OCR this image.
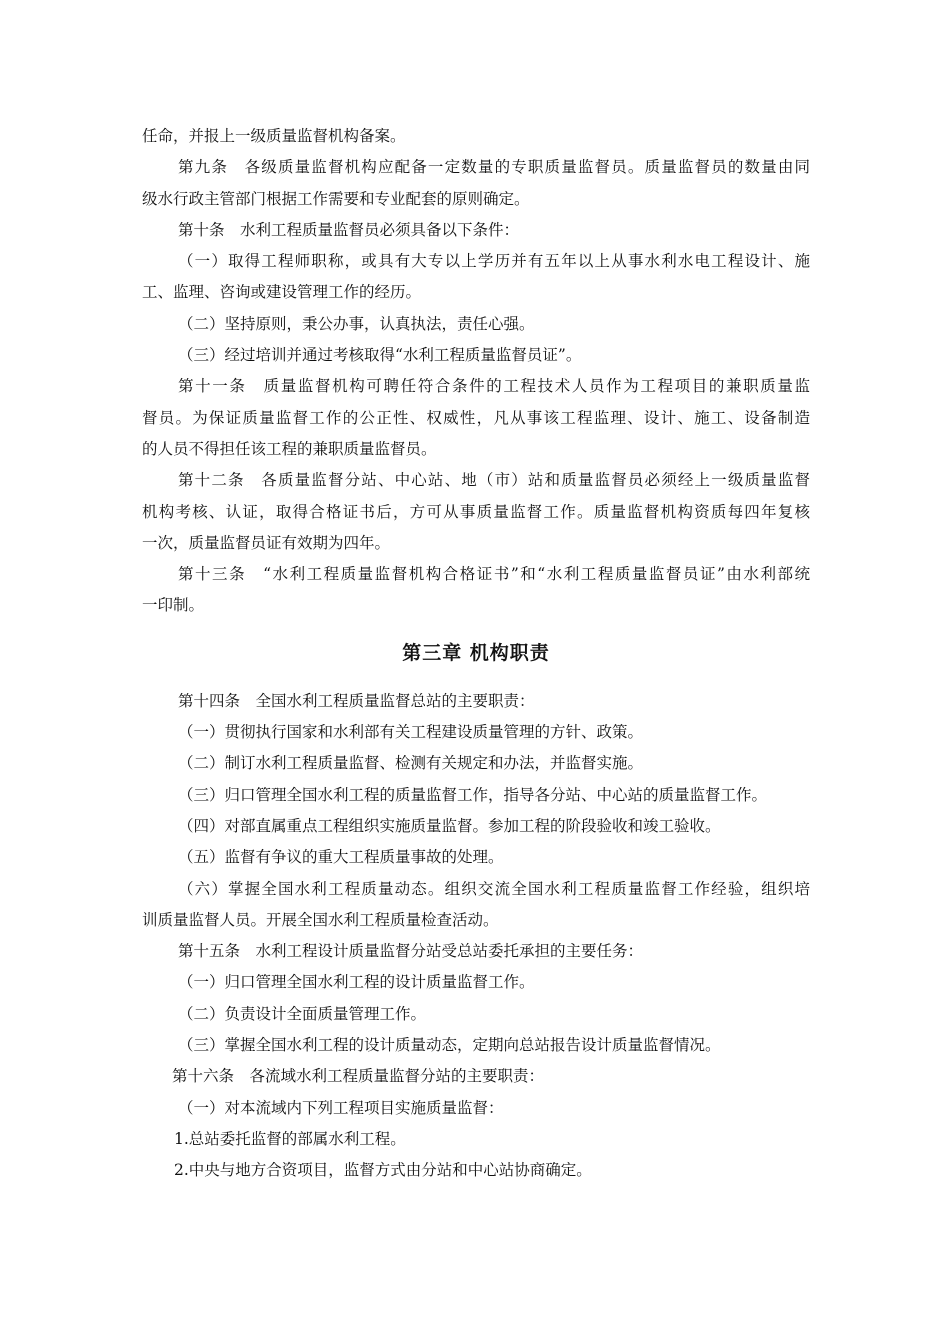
任命，并报上一级质量监督机构备案。
第九条　各级质量监督机构应配备一定数量的专职质量监督员。质量监督员的数量由同
级水行政主管部门根据工作需要和专业配套的原则确定。
第十条　水利工程质量监督员必须具备以下条件：
（一）取得工程师职称，或具有大专以上学历并有五年以上从事水利水电工程设计、施
工、监理、咨询或建设管理工作的经历。
（二）坚持原则，秉公办事，认真执法，责任心强。
（三）经过培训并通过考核取得“水利工程质量监督员证”。
第十一条　质量监督机构可聘任符合条件的工程技术人员作为工程项目的兼职质量监
督员。为保证质量监督工作的公正性、权威性，凡从事该工程监理、设计、施工、设备制造
的人员不得担任该工程的兼职质量监督员。
第十二条　各质量监督分站、中心站、地（市）站和质量监督员必须经上一级质量监督
机构考核、认证，取得合格证书后，方可从事质量监督工作。质量监督机构资质每四年复核
一次，质量监督员证有效期为四年。
第十三条　“水利工程质量监督机构合格证书”和“水利工程质量监督员证”由水利部统
一印制。
第三章 机构职责
第十四条　全国水利工程质量监督总站的主要职责：
（一）贯彻执行国家和水利部有关工程建设质量管理的方针、政策。
（二）制订水利工程质量监督、检测有关规定和办法，并监督实施。
（三）归口管理全国水利工程的质量监督工作，指导各分站、中心站的质量监督工作。
（四）对部直属重点工程组织实施质量监督。参加工程的阶段验收和竣工验收。
（五）监督有争议的重大工程质量事故的处理。
（六）掌握全国水利工程质量动态。组织交流全国水利工程质量监督工作经验，组织培
训质量监督人员。开展全国水利工程质量检查活动。
第十五条　水利工程设计质量监督分站受总站委托承担的主要任务：
（一）归口管理全国水利工程的设计质量监督工作。
（二）负责设计全面质量管理工作。
（三）掌握全国水利工程的设计质量动态，定期向总站报告设计质量监督情况。
第十六条　各流域水利工程质量监督分站的主要职责：
（一）对本流域内下列工程项目实施质量监督：
1.总站委托监督的部属水利工程。
2.中央与地方合资项目，监督方式由分站和中心站协商确定。
